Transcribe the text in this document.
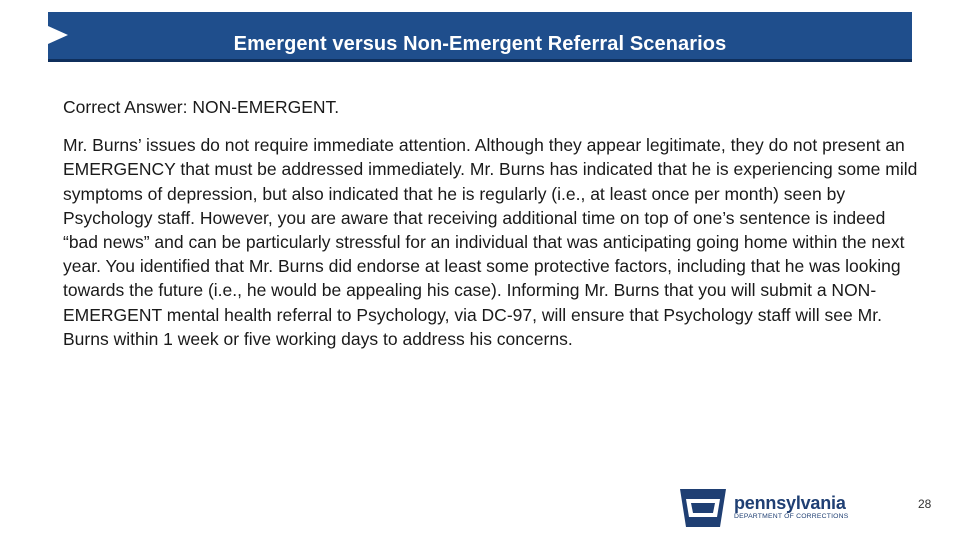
Emergent versus Non-Emergent Referral Scenarios

Correct Answer: NON-EMERGENT.

Mr. Burns’ issues do not require immediate attention. Although they appear legitimate, they do not present an EMERGENCY that must be addressed immediately. Mr. Burns has indicated that he is experiencing some mild symptoms of depression, but also indicated that he is regularly (i.e., at least once per month) seen by Psychology staff. However, you are aware that receiving additional time on top of one’s sentence is indeed “bad news” and can be particularly stressful for an individual that was anticipating going home within the next year. You identified that Mr. Burns did endorse at least some protective factors, including that he was looking towards the future (i.e., he would be appealing his case). Informing Mr. Burns that you will submit a NON-EMERGENT mental health referral to Psychology, via DC-97, will ensure that Psychology staff will see Mr. Burns within 1 week or five working days to address his concerns.

pennsylvania
DEPARTMENT OF CORRECTIONS
28
